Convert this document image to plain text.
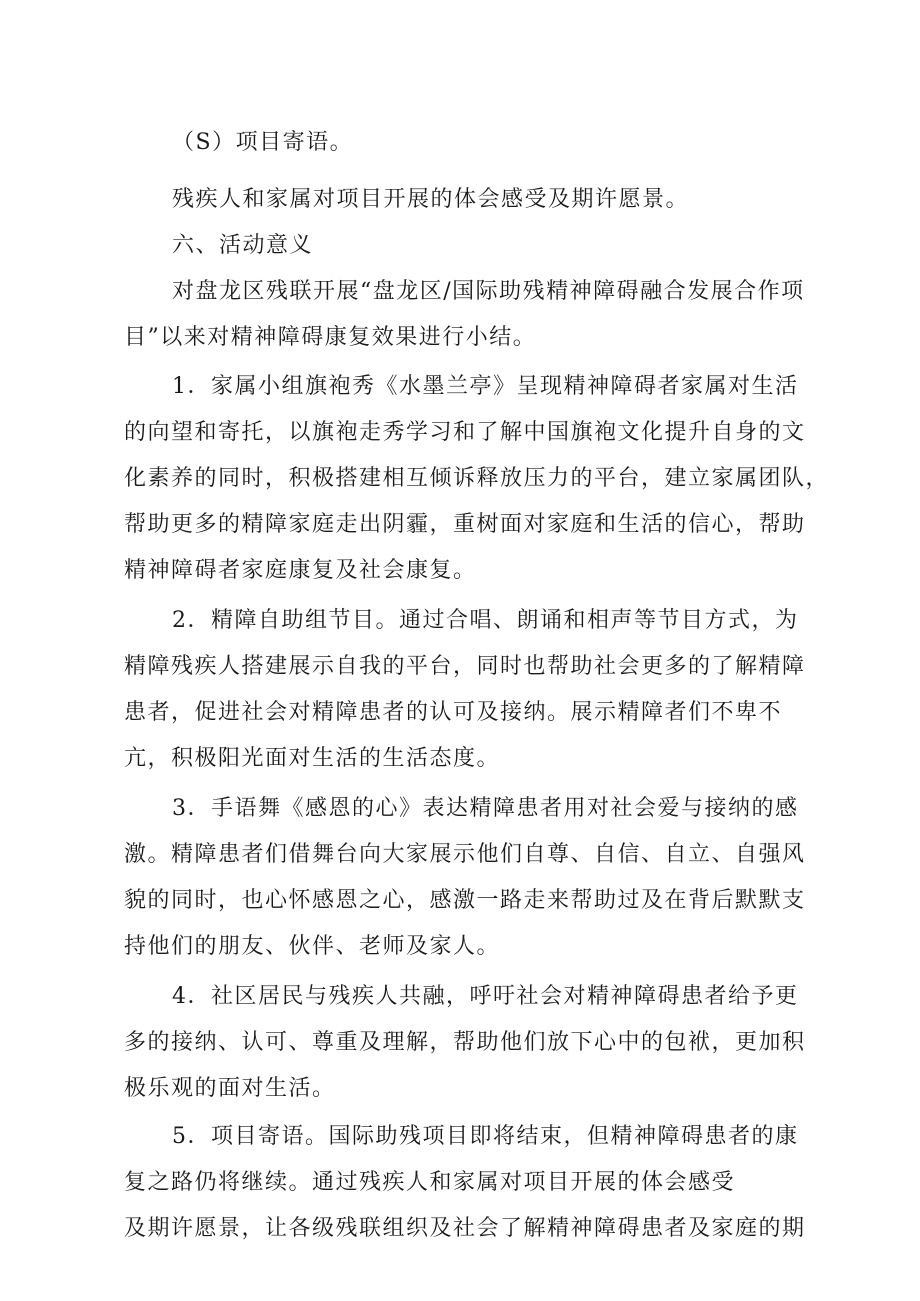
（S）项目寄语。
残疾人和家属对项目开展的体会感受及期许愿景。
六、活动意义
对盘龙区残联开展“盘龙区/国际助残精神障碍融合发展合作项
目”以来对精神障碍康复效果进行小结。
1．家属小组旗袍秀《水墨兰亭》呈现精神障碍者家属对生活
的向望和寄托，以旗袍走秀学习和了解中国旗袍文化提升自身的文
化素养的同时，积极搭建相互倾诉释放压力的平台，建立家属团队，
帮助更多的精障家庭走出阴霾，重树面对家庭和生活的信心，帮助
精神障碍者家庭康复及社会康复。
2．精障自助组节目。通过合唱、朗诵和相声等节目方式，为
精障残疾人搭建展示自我的平台，同时也帮助社会更多的了解精障
患者，促进社会对精障患者的认可及接纳。展示精障者们不卑不
亢，积极阳光面对生活的生活态度。
3．手语舞《感恩的心》表达精障患者用对社会爱与接纳的感
激。精障患者们借舞台向大家展示他们自尊、自信、自立、自强风
貌的同时，也心怀感恩之心，感激一路走来帮助过及在背后默默支
持他们的朋友、伙伴、老师及家人。
4．社区居民与残疾人共融，呼吁社会对精神障碍患者给予更
多的接纳、认可、尊重及理解，帮助他们放下心中的包袱，更加积
极乐观的面对生活。
5．项目寄语。国际助残项目即将结束，但精神障碍患者的康
复之路仍将继续。通过残疾人和家属对项目开展的体会感受
及期许愿景，让各级残联组织及社会了解精神障碍患者及家庭的期
